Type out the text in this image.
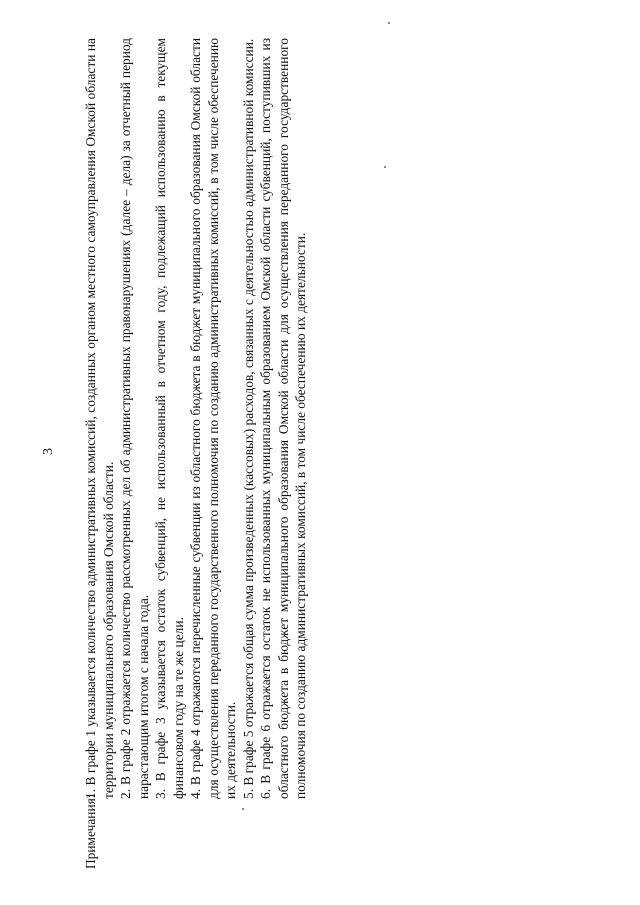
3
Примечания:

1. В графе 1 указывается количество административных комиссий, созданных органом местного самоуправления Омской области на территории муниципального образования Омской области. 2. В графе 2 отражается количество рассмотренных дел об административных правонарушениях (далее – дела) за отчетный период нарастающим итогом с начала года. 3. В графе 3 указывается остаток субвенций, не использованный в отчетном году, подлежащий использованию в текущем финансовом году на те же цели. 4. В графе 4 отражаются перечисленные субвенции из областного бюджета в бюджет муниципального образования Омской области для осуществления переданного государственного полномочия по созданию административных комиссий, в том числе обеспечению их деятельности. 5. В графе 5 отражается общая сумма произведенных (кассовых) расходов, связанных с деятельностью административной комиссии. 6. В графе 6 отражается остаток не использованных муниципальным образованием Омской области субвенций, поступивших из областного бюджета в бюджет муниципального образования Омской области для осуществления переданного государственного полномочия по созданию административных комиссий, в том числе обеспечению их деятельности.
